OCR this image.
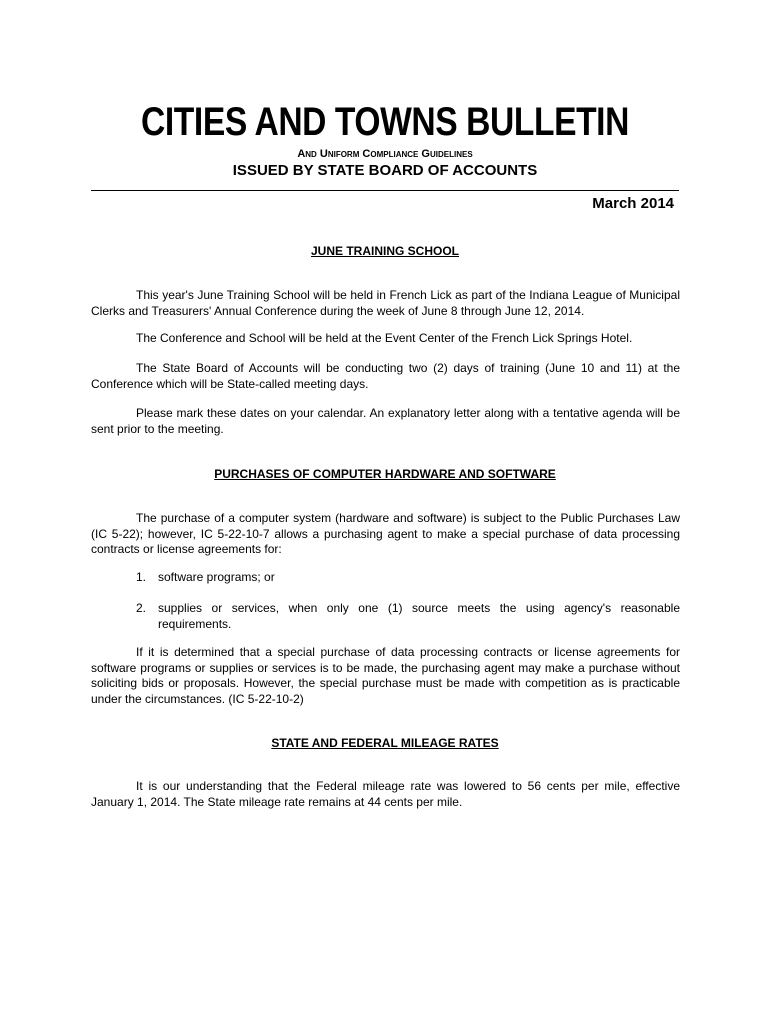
CITIES AND TOWNS BULLETIN
And Uniform Compliance Guidelines
ISSUED BY STATE BOARD OF ACCOUNTS
March 2014
JUNE TRAINING SCHOOL

This year's June Training School will be held in French Lick as part of the Indiana League of Municipal Clerks and Treasurers' Annual Conference during the week of June 8 through June 12, 2014.

The Conference and School will be held at the Event Center of the French Lick Springs Hotel.

The State Board of Accounts will be conducting two (2) days of training (June 10 and 11) at the Conference which will be State-called meeting days.

Please mark these dates on your calendar. An explanatory letter along with a tentative agenda will be sent prior to the meeting.

PURCHASES OF COMPUTER HARDWARE AND SOFTWARE

The purchase of a computer system (hardware and software) is subject to the Public Purchases Law (IC 5-22); however, IC 5-22-10-7 allows a purchasing agent to make a special purchase of data processing contracts or license agreements for:

1. software programs; or
2. supplies or services, when only one (1) source meets the using agency's reasonable requirements.

If it is determined that a special purchase of data processing contracts or license agreements for software programs or supplies or services is to be made, the purchasing agent may make a purchase without soliciting bids or proposals. However, the special purchase must be made with competition as is practicable under the circumstances. (IC 5-22-10-2)

STATE AND FEDERAL MILEAGE RATES

It is our understanding that the Federal mileage rate was lowered to 56 cents per mile, effective January 1, 2014. The State mileage rate remains at 44 cents per mile.
